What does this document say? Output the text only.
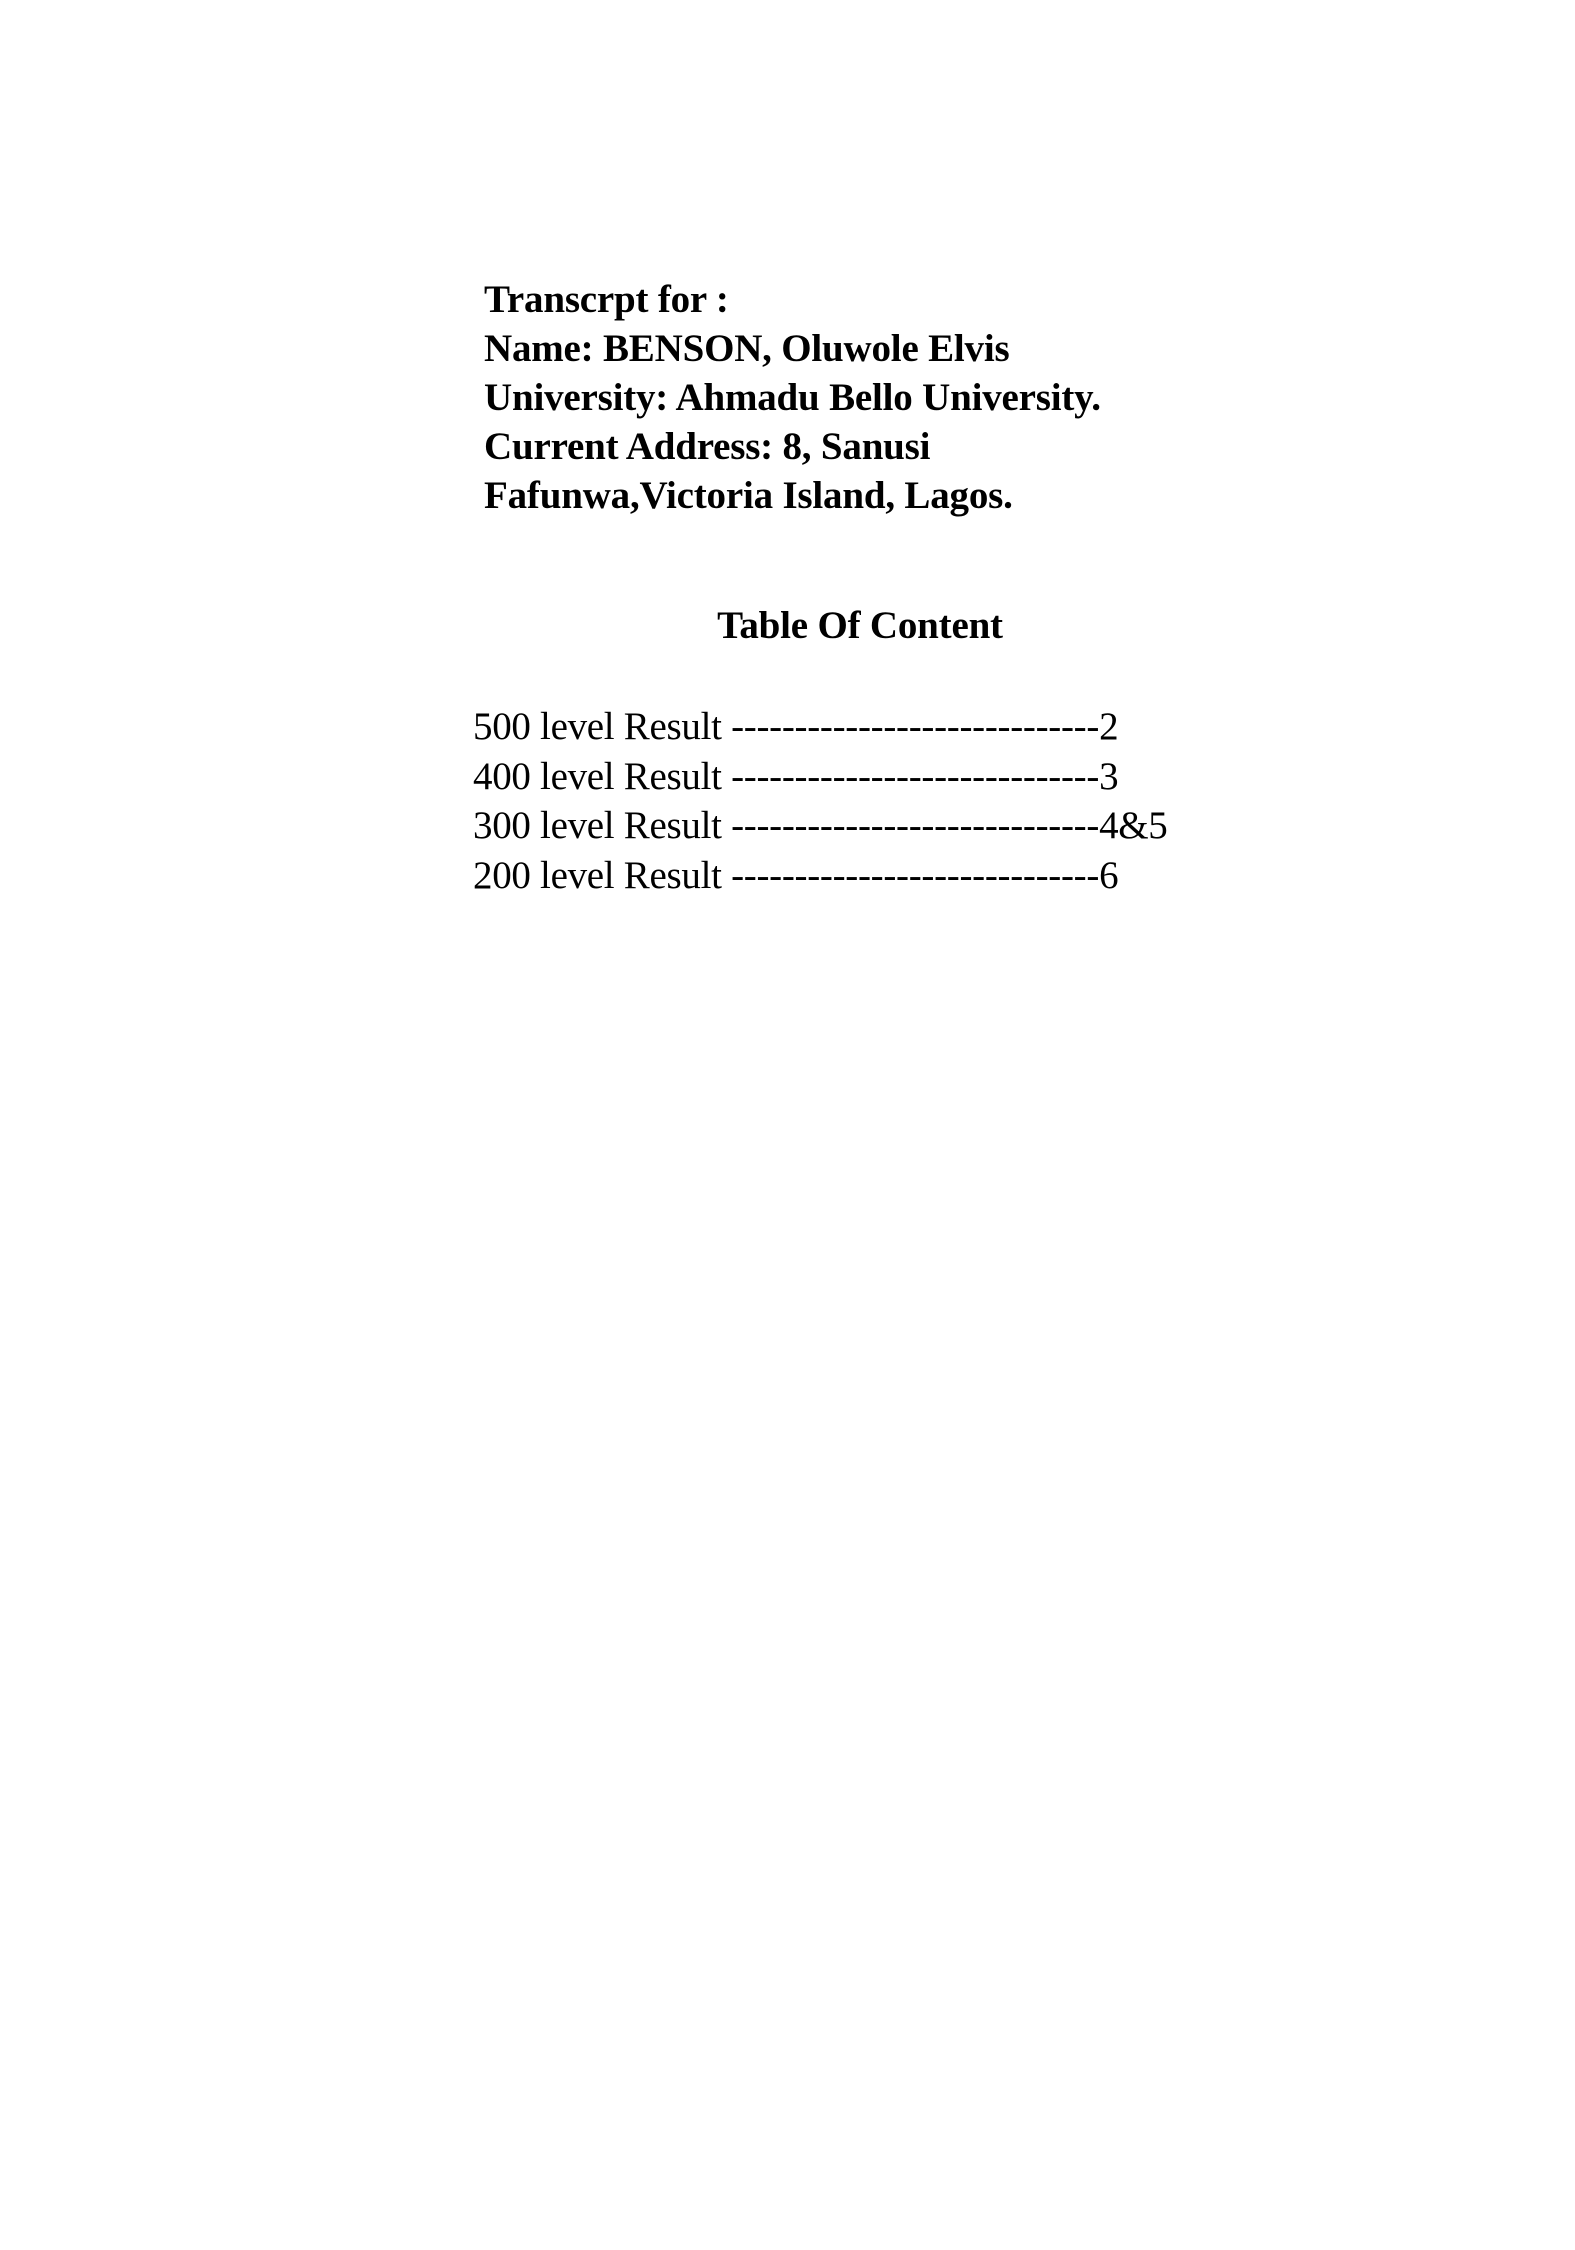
Transcrpt for :
Name: BENSON, Oluwole Elvis
University: Ahmadu Bello University.
Current Address: 8, Sanusi
Fafunwa,Victoria Island, Lagos.
Table Of Content
500 level Result -----------------------------2
400 level Result -----------------------------3
300 level Result -----------------------------4&5
200 level Result -----------------------------6
